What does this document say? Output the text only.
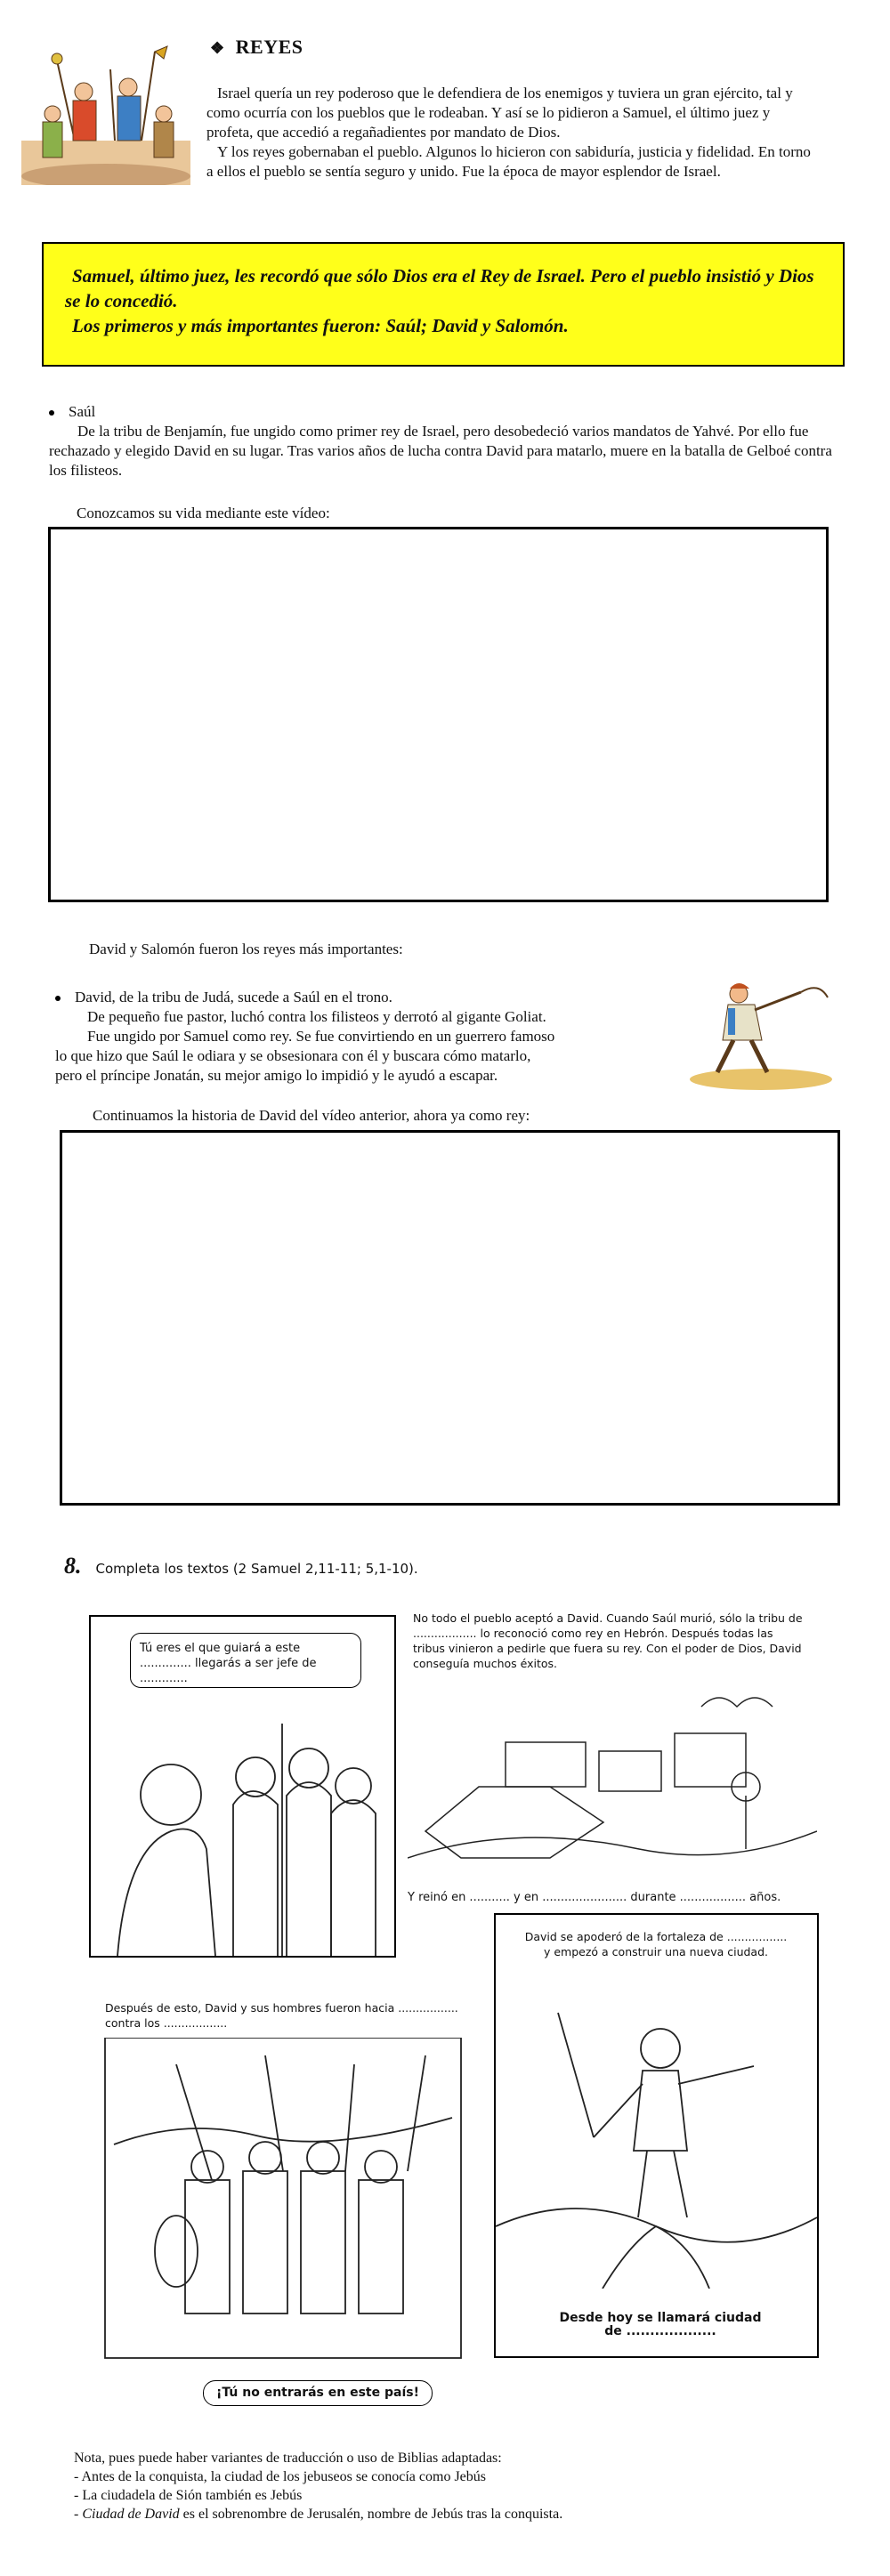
❖ REYES

Israel quería un rey poderoso que le defendiera de los enemigos y tuviera un gran ejército, tal y como ocurría con los pueblos que le rodeaban. Y así se lo pidieron a Samuel, el último juez y profeta, que accedió a regañadientes por mandato de Dios.

Y los reyes gobernaban el pueblo. Algunos lo hicieron con sabiduría, justicia y fidelidad. En torno a ellos el pueblo se sentía seguro y unido. Fue la época de mayor esplendor de Israel.

Samuel, último juez, les recordó que sólo Dios era el Rey de Israel. Pero el pueblo insistió y Dios se lo concedió.

Los primeros y más importantes fueron: Saúl; David y Salomón.

Saúl

De la tribu de Benjamín, fue ungido como primer rey de Israel, pero desobedeció varios mandatos de Yahvé. Por ello fue rechazado y elegido David en su lugar. Tras varios años de lucha contra David para matarlo, muere en la batalla de Gelboé contra los filisteos.

Conozcamos su vida mediante este vídeo:
David y Salomón fueron los reyes más importantes:

David, de la tribu de Judá, sucede a Saúl en el trono.

De pequeño fue pastor, luchó contra los filisteos y derrotó al gigante Goliat.

Fue ungido por Samuel como rey. Se fue convirtiendo en un guerrero famoso

lo que hizo que Saúl le odiara y se obsesionara con él y buscara cómo matarlo,

pero el príncipe Jonatán, su mejor amigo lo impidió y le ayudó a escapar.

Continuamos la historia de David del vídeo anterior, ahora ya como rey:
8. Completa los textos (2 Samuel 2,11-11; 5,1-10).
Tú eres el que guiará a este .............. llegarás a ser jefe de .............
No todo el pueblo aceptó a David. Cuando Saúl murió, sólo la tribu de .................. lo reconoció como rey en Hebrón. Después todas las tribus vinieron a pedirle que fuera su rey. Con el poder de Dios, David conseguía muchos éxitos.
Y reinó en ........... y en ....................... durante .................. años.
Después de esto, David y sus hombres fueron hacia ................. contra los ..................
¡Tú no entrarás en este país!
David se apoderó de la fortaleza de ................. y empezó a construir una nueva ciudad.
Desde hoy se llamará ciudad de ...................

Nota, pues puede haber variantes de traducción o uso de Biblias adaptadas:

- Antes de la conquista, la ciudad de los jebuseos se conocía como Jebús

- La ciudadela de Sión también es Jebús

- Ciudad de David es el sobrenombre de Jerusalén, nombre de Jebús tras la conquista.
